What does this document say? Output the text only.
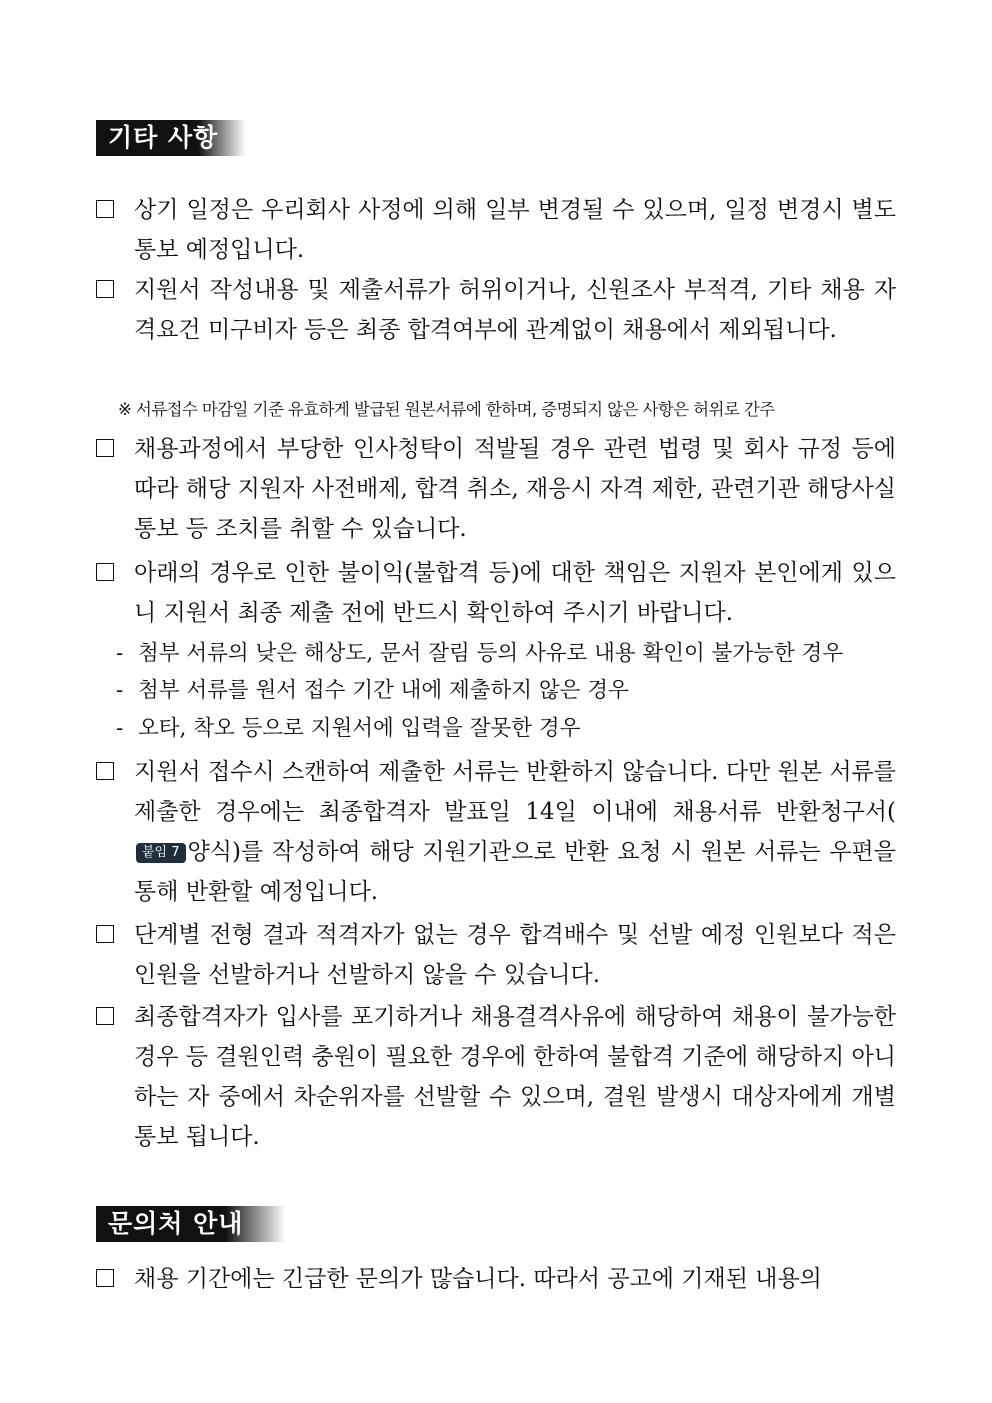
기타 사항
상기 일정은 우리회사 사정에 의해 일부 변경될 수 있으며, 일정 변경시 별도 통보 예정입니다.
지원서 작성내용 및 제출서류가 허위이거나, 신원조사 부적격, 기타 채용 자격요건 미구비자 등은 최종 합격여부에 관계없이 채용에서 제외됩니다.
※ 서류접수 마감일 기준 유효하게 발급된 원본서류에 한하며, 증명되지 않은 사항은 허위로 간주
채용과정에서 부당한 인사청탁이 적발될 경우 관련 법령 및 회사 규정 등에 따라 해당 지원자 사전배제, 합격 취소, 재응시 자격 제한, 관련기관 해당사실 통보 등 조치를 취할 수 있습니다.
아래의 경우로 인한 불이익(불합격 등)에 대한 책임은 지원자 본인에게 있으니 지원서 최종 제출 전에 반드시 확인하여 주시기 바랍니다.
- 첨부 서류의 낮은 해상도, 문서 잘림 등의 사유로 내용 확인이 불가능한 경우
- 첨부 서류를 원서 접수 기간 내에 제출하지 않은 경우
- 오타, 착오 등으로 지원서에 입력을 잘못한 경우
지원서 접수시 스캔하여 제출한 서류는 반환하지 않습니다. 다만 원본 서류를 제출한 경우에는 최종합격자 발표일 14일 이내에 채용서류 반환청구서(붙임 7 양식)를 작성하여 해당 지원기관으로 반환 요청 시 원본 서류는 우편을 통해 반환할 예정입니다.
단계별 전형 결과 적격자가 없는 경우 합격배수 및 선발 예정 인원보다 적은 인원을 선발하거나 선발하지 않을 수 있습니다.
최종합격자가 입사를 포기하거나 채용결격사유에 해당하여 채용이 불가능한 경우 등 결원인력 충원이 필요한 경우에 한하여 불합격 기준에 해당하지 아니하는 자 중에서 차순위자를 선발할 수 있으며, 결원 발생시 대상자에게 개별통보 됩니다.
문의처 안내
채용 기간에는 긴급한 문의가 많습니다. 따라서 공고에 기재된 내용의
